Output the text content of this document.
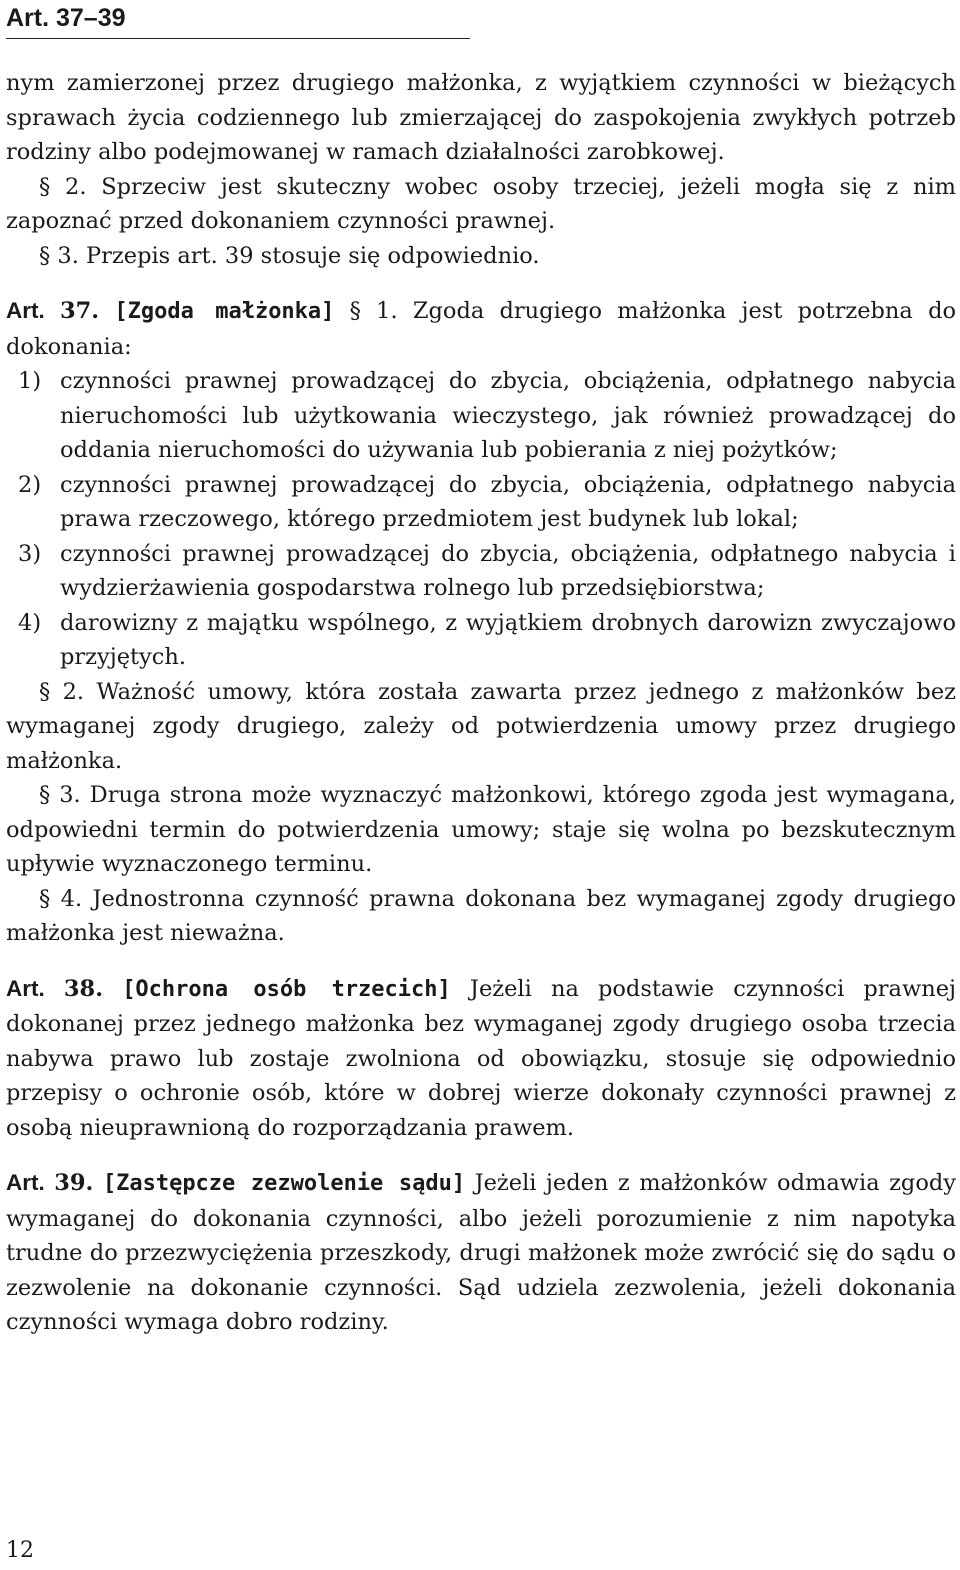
Art. 37–39

nym zamierzonej przez drugiego małżonka, z wyjątkiem czynności w bieżących sprawach życia codziennego lub zmierzającej do zaspokojenia zwykłych potrzeb rodziny albo podejmowanej w ramach działalności zarobkowej.

§ 2. Sprzeciw jest skuteczny wobec osoby trzeciej, jeżeli mogła się z nim zapoznać przed dokonaniem czynności prawnej.

§ 3. Przepis art. 39 stosuje się odpowiednio.

Art. 37. [Zgoda małżonka] § 1. Zgoda drugiego małżonka jest potrzebna do dokonania:

1) czynności prawnej prowadzącej do zbycia, obciążenia, odpłatnego nabycia nieruchomości lub użytkowania wieczystego, jak również prowadzącej do oddania nieruchomości do używania lub pobierania z niej pożytków;
2) czynności prawnej prowadzącej do zbycia, obciążenia, odpłatnego nabycia prawa rzeczowego, którego przedmiotem jest budynek lub lokal;
3) czynności prawnej prowadzącej do zbycia, obciążenia, odpłatnego nabycia i wydzierżawienia gospodarstwa rolnego lub przedsiębiorstwa;
4) darowizny z majątku wspólnego, z wyjątkiem drobnych darowizn zwyczajowo przyjętych.

§ 2. Ważność umowy, która została zawarta przez jednego z małżonków bez wymaganej zgody drugiego, zależy od potwierdzenia umowy przez drugiego małżonka.

§ 3. Druga strona może wyznaczyć małżonkowi, którego zgoda jest wymagana, odpowiedni termin do potwierdzenia umowy; staje się wolna po bezskutecznym upływie wyznaczonego terminu.

§ 4. Jednostronna czynność prawna dokonana bez wymaganej zgody drugiego małżonka jest nieważna.

Art. 38. [Ochrona osób trzecich] Jeżeli na podstawie czynności prawnej dokonanej przez jednego małżonka bez wymaganej zgody drugiego osoba trzecia nabywa prawo lub zostaje zwolniona od obowiązku, stosuje się odpowiednio przepisy o ochronie osób, które w dobrej wierze dokonały czynności prawnej z osobą nieuprawnioną do rozporządzania prawem.

Art. 39. [Zastępcze zezwolenie sądu] Jeżeli jeden z małżonków odmawia zgody wymaganej do dokonania czynności, albo jeżeli porozumienie z nim napotyka trudne do przezwyciężenia przeszkody, drugi małżonek może zwrócić się do sądu o zezwolenie na dokonanie czynności. Sąd udziela zezwolenia, jeżeli dokonania czynności wymaga dobro rodziny.

12
